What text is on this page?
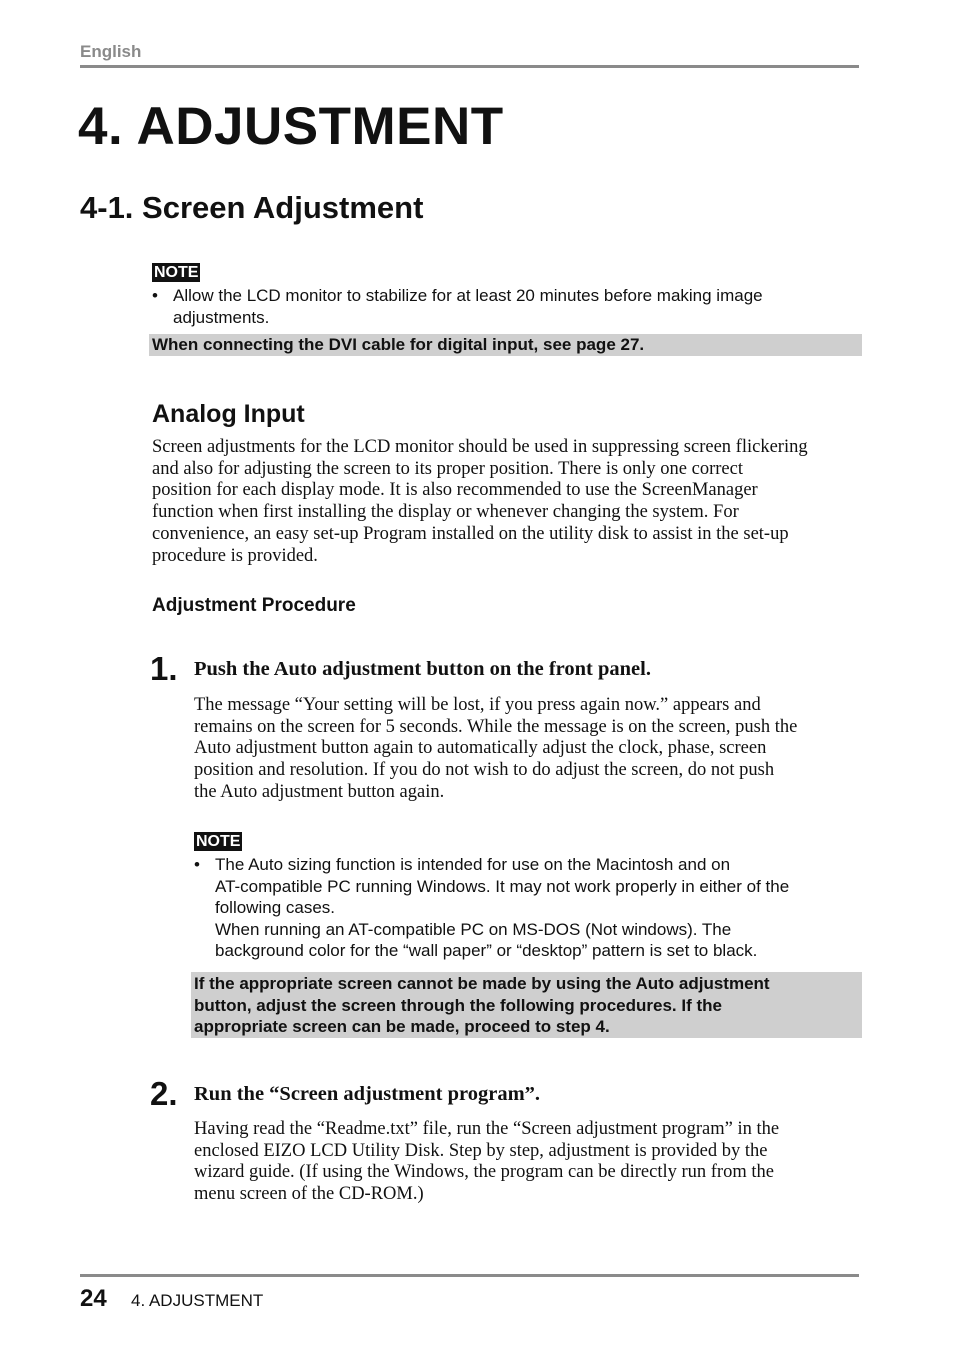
English
4. ADJUSTMENT
4-1. Screen Adjustment
NOTE
• Allow the LCD monitor to stabilize for at least 20 minutes before making image
adjustments.
When connecting the DVI cable for digital input, see page 27.
Analog Input
Screen adjustments for the LCD monitor should be used in suppressing screen flickering
and also for adjusting the screen to its proper position. There is only one correct
position for each display mode. It is also recommended to use the ScreenManager
function when first installing the display or whenever changing the system. For
convenience, an easy set-up Program installed on the utility disk to assist in the set-up
procedure is provided.
Adjustment Procedure
1. Push the Auto adjustment button on the front panel.
The message “Your setting will be lost, if you press again now.” appears and
remains on the screen for 5 seconds. While the message is on the screen, push the
Auto adjustment button again to automatically adjust the clock, phase, screen
position and resolution. If you do not wish to do adjust the screen, do not push
the Auto adjustment button again.
NOTE
• The Auto sizing function is intended for use on the Macintosh and on
AT-compatible PC running Windows. It may not work properly in either of the
following cases.
When running an AT-compatible PC on MS-DOS (Not windows). The
background color for the “wall paper” or “desktop” pattern is set to black.
If the appropriate screen cannot be made by using the Auto adjustment
button, adjust the screen through the following procedures. If the
appropriate screen can be made, proceed to step 4.
2. Run the “Screen adjustment program”.
Having read the “Readme.txt” file, run the “Screen adjustment program” in the
enclosed EIZO LCD Utility Disk. Step by step, adjustment is provided by the
wizard guide. (If using the Windows, the program can be directly run from the
menu screen of the CD-ROM.)
24 4. ADJUSTMENT
